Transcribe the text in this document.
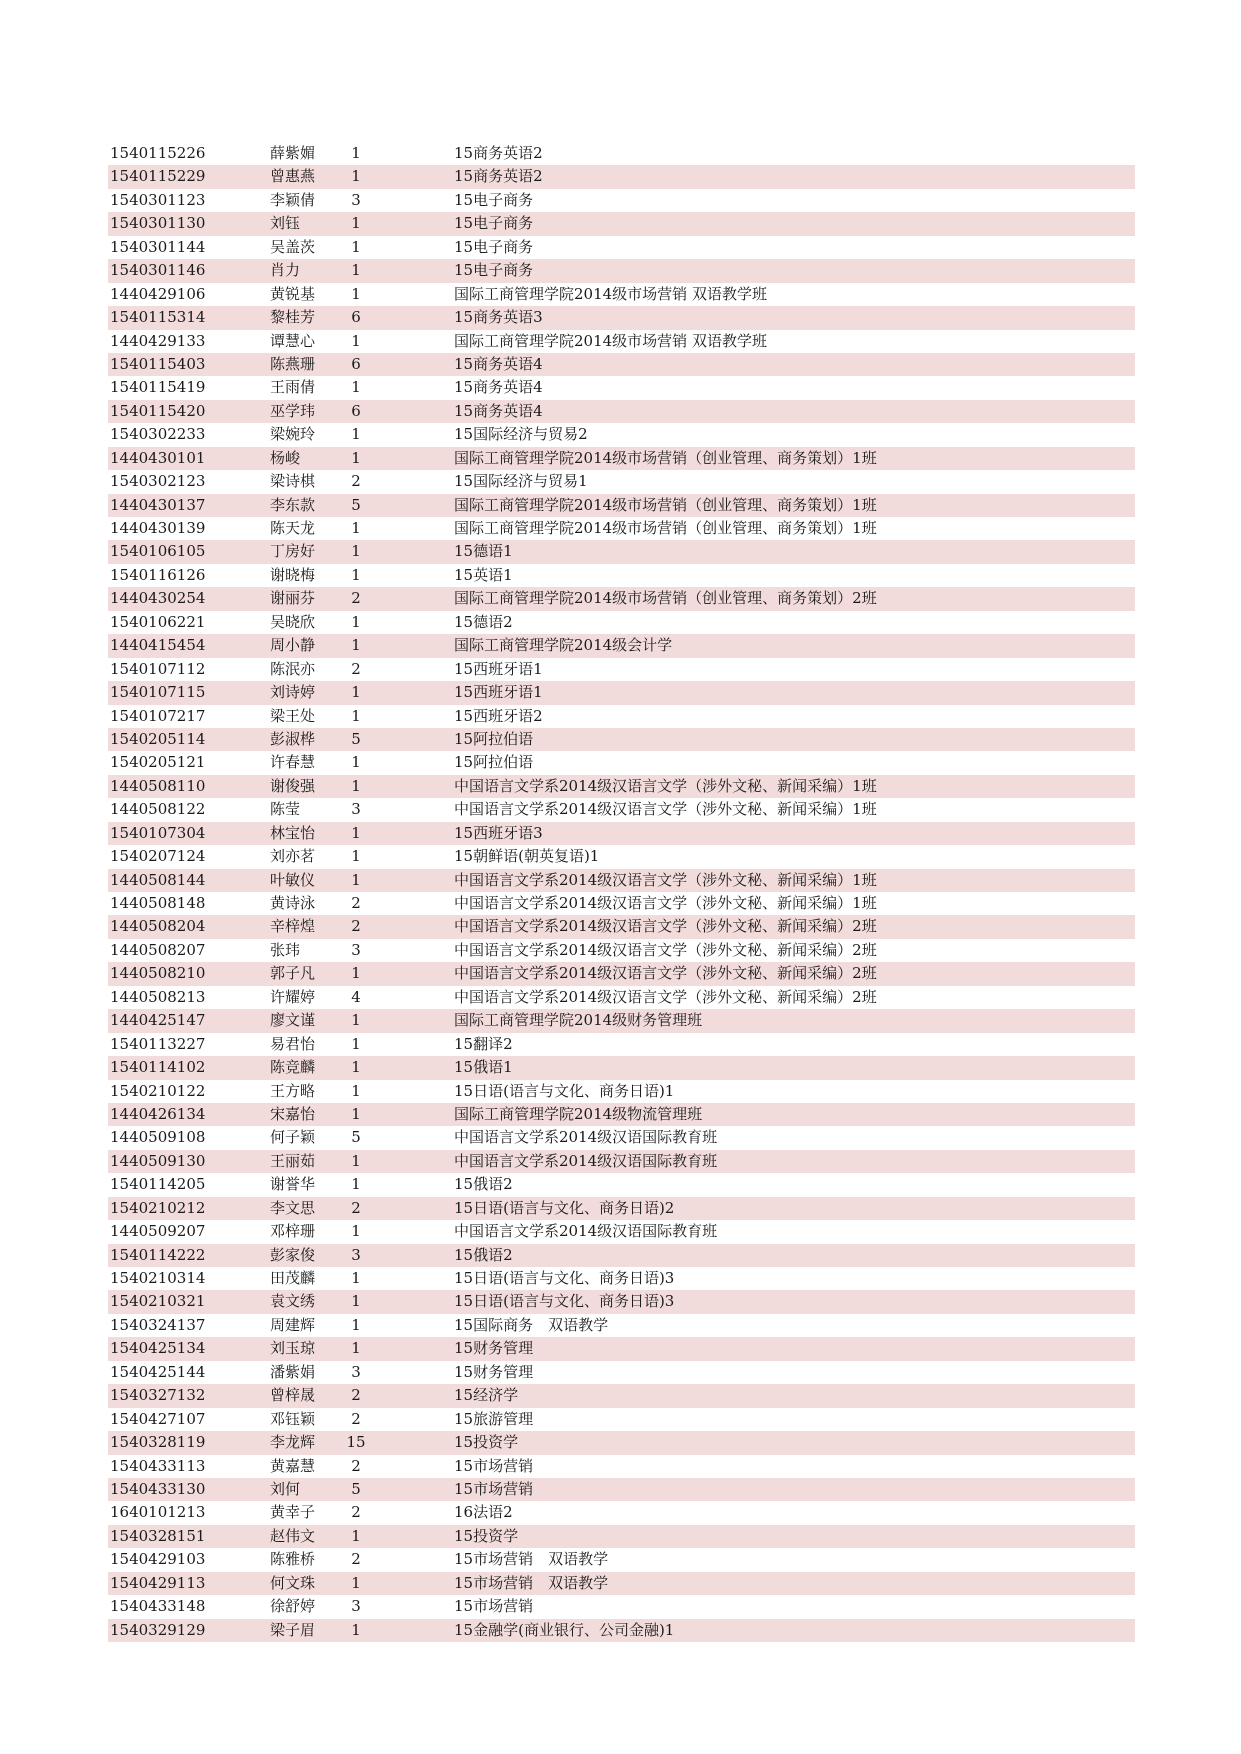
1540115226	薛紫媚	1	15商务英语2
1540115229	曾惠燕	1	15商务英语2
1540301123	李颖倩	3	15电子商务
1540301130	刘钰	1	15电子商务
1540301144	吴盖茨	1	15电子商务
1540301146	肖力	1	15电子商务
1440429106	黄锐基	1	国际工商管理学院2014级市场营销 双语教学班
1540115314	黎桂芳	6	15商务英语3
1440429133	谭慧心	1	国际工商管理学院2014级市场营销 双语教学班
1540115403	陈燕珊	6	15商务英语4
1540115419	王雨倩	1	15商务英语4
1540115420	巫学玮	6	15商务英语4
1540302233	梁婉玲	1	15国际经济与贸易2
1440430101	杨峻	1	国际工商管理学院2014级市场营销（创业管理、商务策划）1班
1540302123	梁诗棋	2	15国际经济与贸易1
1440430137	李东款	5	国际工商管理学院2014级市场营销（创业管理、商务策划）1班
1440430139	陈天龙	1	国际工商管理学院2014级市场营销（创业管理、商务策划）1班
1540106105	丁房好	1	15德语1
1540116126	谢晓梅	1	15英语1
1440430254	谢丽芬	2	国际工商管理学院2014级市场营销（创业管理、商务策划）2班
1540106221	吴晓欣	1	15德语2
1440415454	周小静	1	国际工商管理学院2014级会计学
1540107112	陈泯亦	2	15西班牙语1
1540107115	刘诗婷	1	15西班牙语1
1540107217	梁王处	1	15西班牙语2
1540205114	彭淑桦	5	15阿拉伯语
1540205121	许春慧	1	15阿拉伯语
1440508110	谢俊强	1	中国语言文学系2014级汉语言文学（涉外文秘、新闻采编）1班
1440508122	陈莹	3	中国语言文学系2014级汉语言文学（涉外文秘、新闻采编）1班
1540107304	林宝怡	1	15西班牙语3
1540207124	刘亦茗	1	15朝鲜语(朝英复语)1
1440508144	叶敏仪	1	中国语言文学系2014级汉语言文学（涉外文秘、新闻采编）1班
1440508148	黄诗泳	2	中国语言文学系2014级汉语言文学（涉外文秘、新闻采编）1班
1440508204	辛梓煌	2	中国语言文学系2014级汉语言文学（涉外文秘、新闻采编）2班
1440508207	张玮	3	中国语言文学系2014级汉语言文学（涉外文秘、新闻采编）2班
1440508210	郭子凡	1	中国语言文学系2014级汉语言文学（涉外文秘、新闻采编）2班
1440508213	许耀婷	4	中国语言文学系2014级汉语言文学（涉外文秘、新闻采编）2班
1440425147	廖文谨	1	国际工商管理学院2014级财务管理班
1540113227	易君怡	1	15翻译2
1540114102	陈竞麟	1	15俄语1
1540210122	王方略	1	15日语(语言与文化、商务日语)1
1440426134	宋嘉怡	1	国际工商管理学院2014级物流管理班
1440509108	何子颖	5	中国语言文学系2014级汉语国际教育班
1440509130	王丽茹	1	中国语言文学系2014级汉语国际教育班
1540114205	谢誉华	1	15俄语2
1540210212	李文思	2	15日语(语言与文化、商务日语)2
1440509207	邓梓珊	1	中国语言文学系2014级汉语国际教育班
1540114222	彭家俊	3	15俄语2
1540210314	田茂麟	1	15日语(语言与文化、商务日语)3
1540210321	袁文绣	1	15日语(语言与文化、商务日语)3
1540324137	周建辉	1	15国际商务　双语教学
1540425134	刘玉琼	1	15财务管理
1540425144	潘紫娟	3	15财务管理
1540327132	曾梓晟	2	15经济学
1540427107	邓钰颖	2	15旅游管理
1540328119	李龙辉	15	15投资学
1540433113	黄嘉慧	2	15市场营销
1540433130	刘何	5	15市场营销
1640101213	黄幸子	2	16法语2
1540328151	赵伟文	1	15投资学
1540429103	陈雅桥	2	15市场营销　双语教学
1540429113	何文珠	1	15市场营销　双语教学
1540433148	徐舒婷	3	15市场营销
1540329129	梁子眉	1	15金融学(商业银行、公司金融)1
